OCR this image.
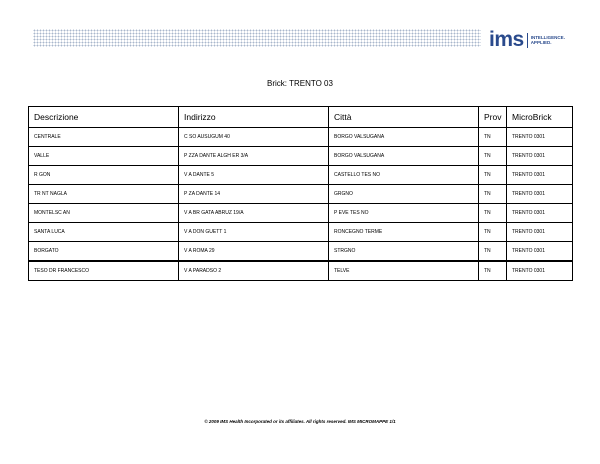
ims INTELLIGENCE.
APPLIED.
Brick: TRENTO 03
Descrizione	Indirizzo	Città	Prov	MicroBrick
CENTRALE	C SO AUSUGUM 40	BORGO VALSUGANA	TN	TRENTO 0301
VALLE	P ZZA DANTE ALGH ER 3/A	BORGO VALSUGANA	TN	TRENTO 0301
R GON	V A DANTE 5	CASTELLO TES NO	TN	TRENTO 0301
TR NT NAGLA	P ZA DANTE 14	GRGNO	TN	TRENTO 0301
MONTELSC AN	V A BR GATA ABRUZ 19/A	P EVE TES NO	TN	TRENTO 0301
SANTA LUCA	V A DON GUETT 1	RONCEGNO TERME	TN	TRENTO 0301
BORGATO	V A ROMA 29	STRGNO	TN	TRENTO 0301
TESO DR FRANCESCO	V A PARADSO 2	TELVE	TN	TRENTO 0301
© 2009 IMS Health Incorporated or its affiliates. All rights reserved. IMS MICROMAPPE 1/1
